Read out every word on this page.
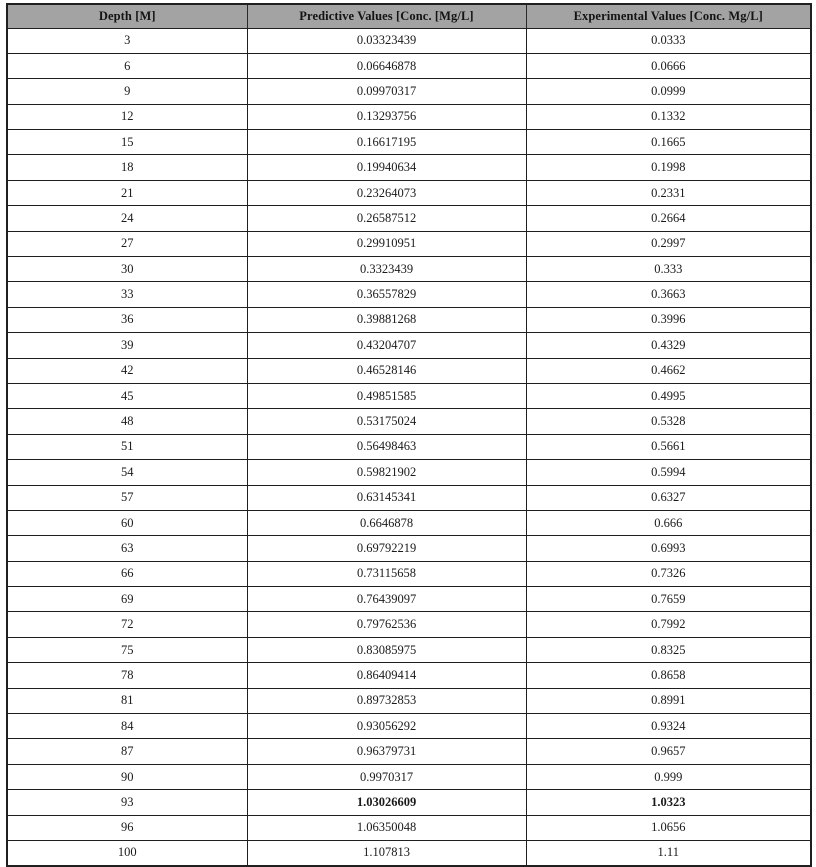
Depth [M]	Predictive Values [Conc. [Mg/L]	Experimental Values [Conc. Mg/L]
3	0.03323439	0.0333
6	0.06646878	0.0666
9	0.09970317	0.0999
12	0.13293756	0.1332
15	0.16617195	0.1665
18	0.19940634	0.1998
21	0.23264073	0.2331
24	0.26587512	0.2664
27	0.29910951	0.2997
30	0.3323439	0.333
33	0.36557829	0.3663
36	0.39881268	0.3996
39	0.43204707	0.4329
42	0.46528146	0.4662
45	0.49851585	0.4995
48	0.53175024	0.5328
51	0.56498463	0.5661
54	0.59821902	0.5994
57	0.63145341	0.6327
60	0.6646878	0.666
63	0.69792219	0.6993
66	0.73115658	0.7326
69	0.76439097	0.7659
72	0.79762536	0.7992
75	0.83085975	0.8325
78	0.86409414	0.8658
81	0.89732853	0.8991
84	0.93056292	0.9324
87	0.96379731	0.9657
90	0.9970317	0.999
93	1.03026609	1.0323
96	1.06350048	1.0656
100	1.107813	1.11
